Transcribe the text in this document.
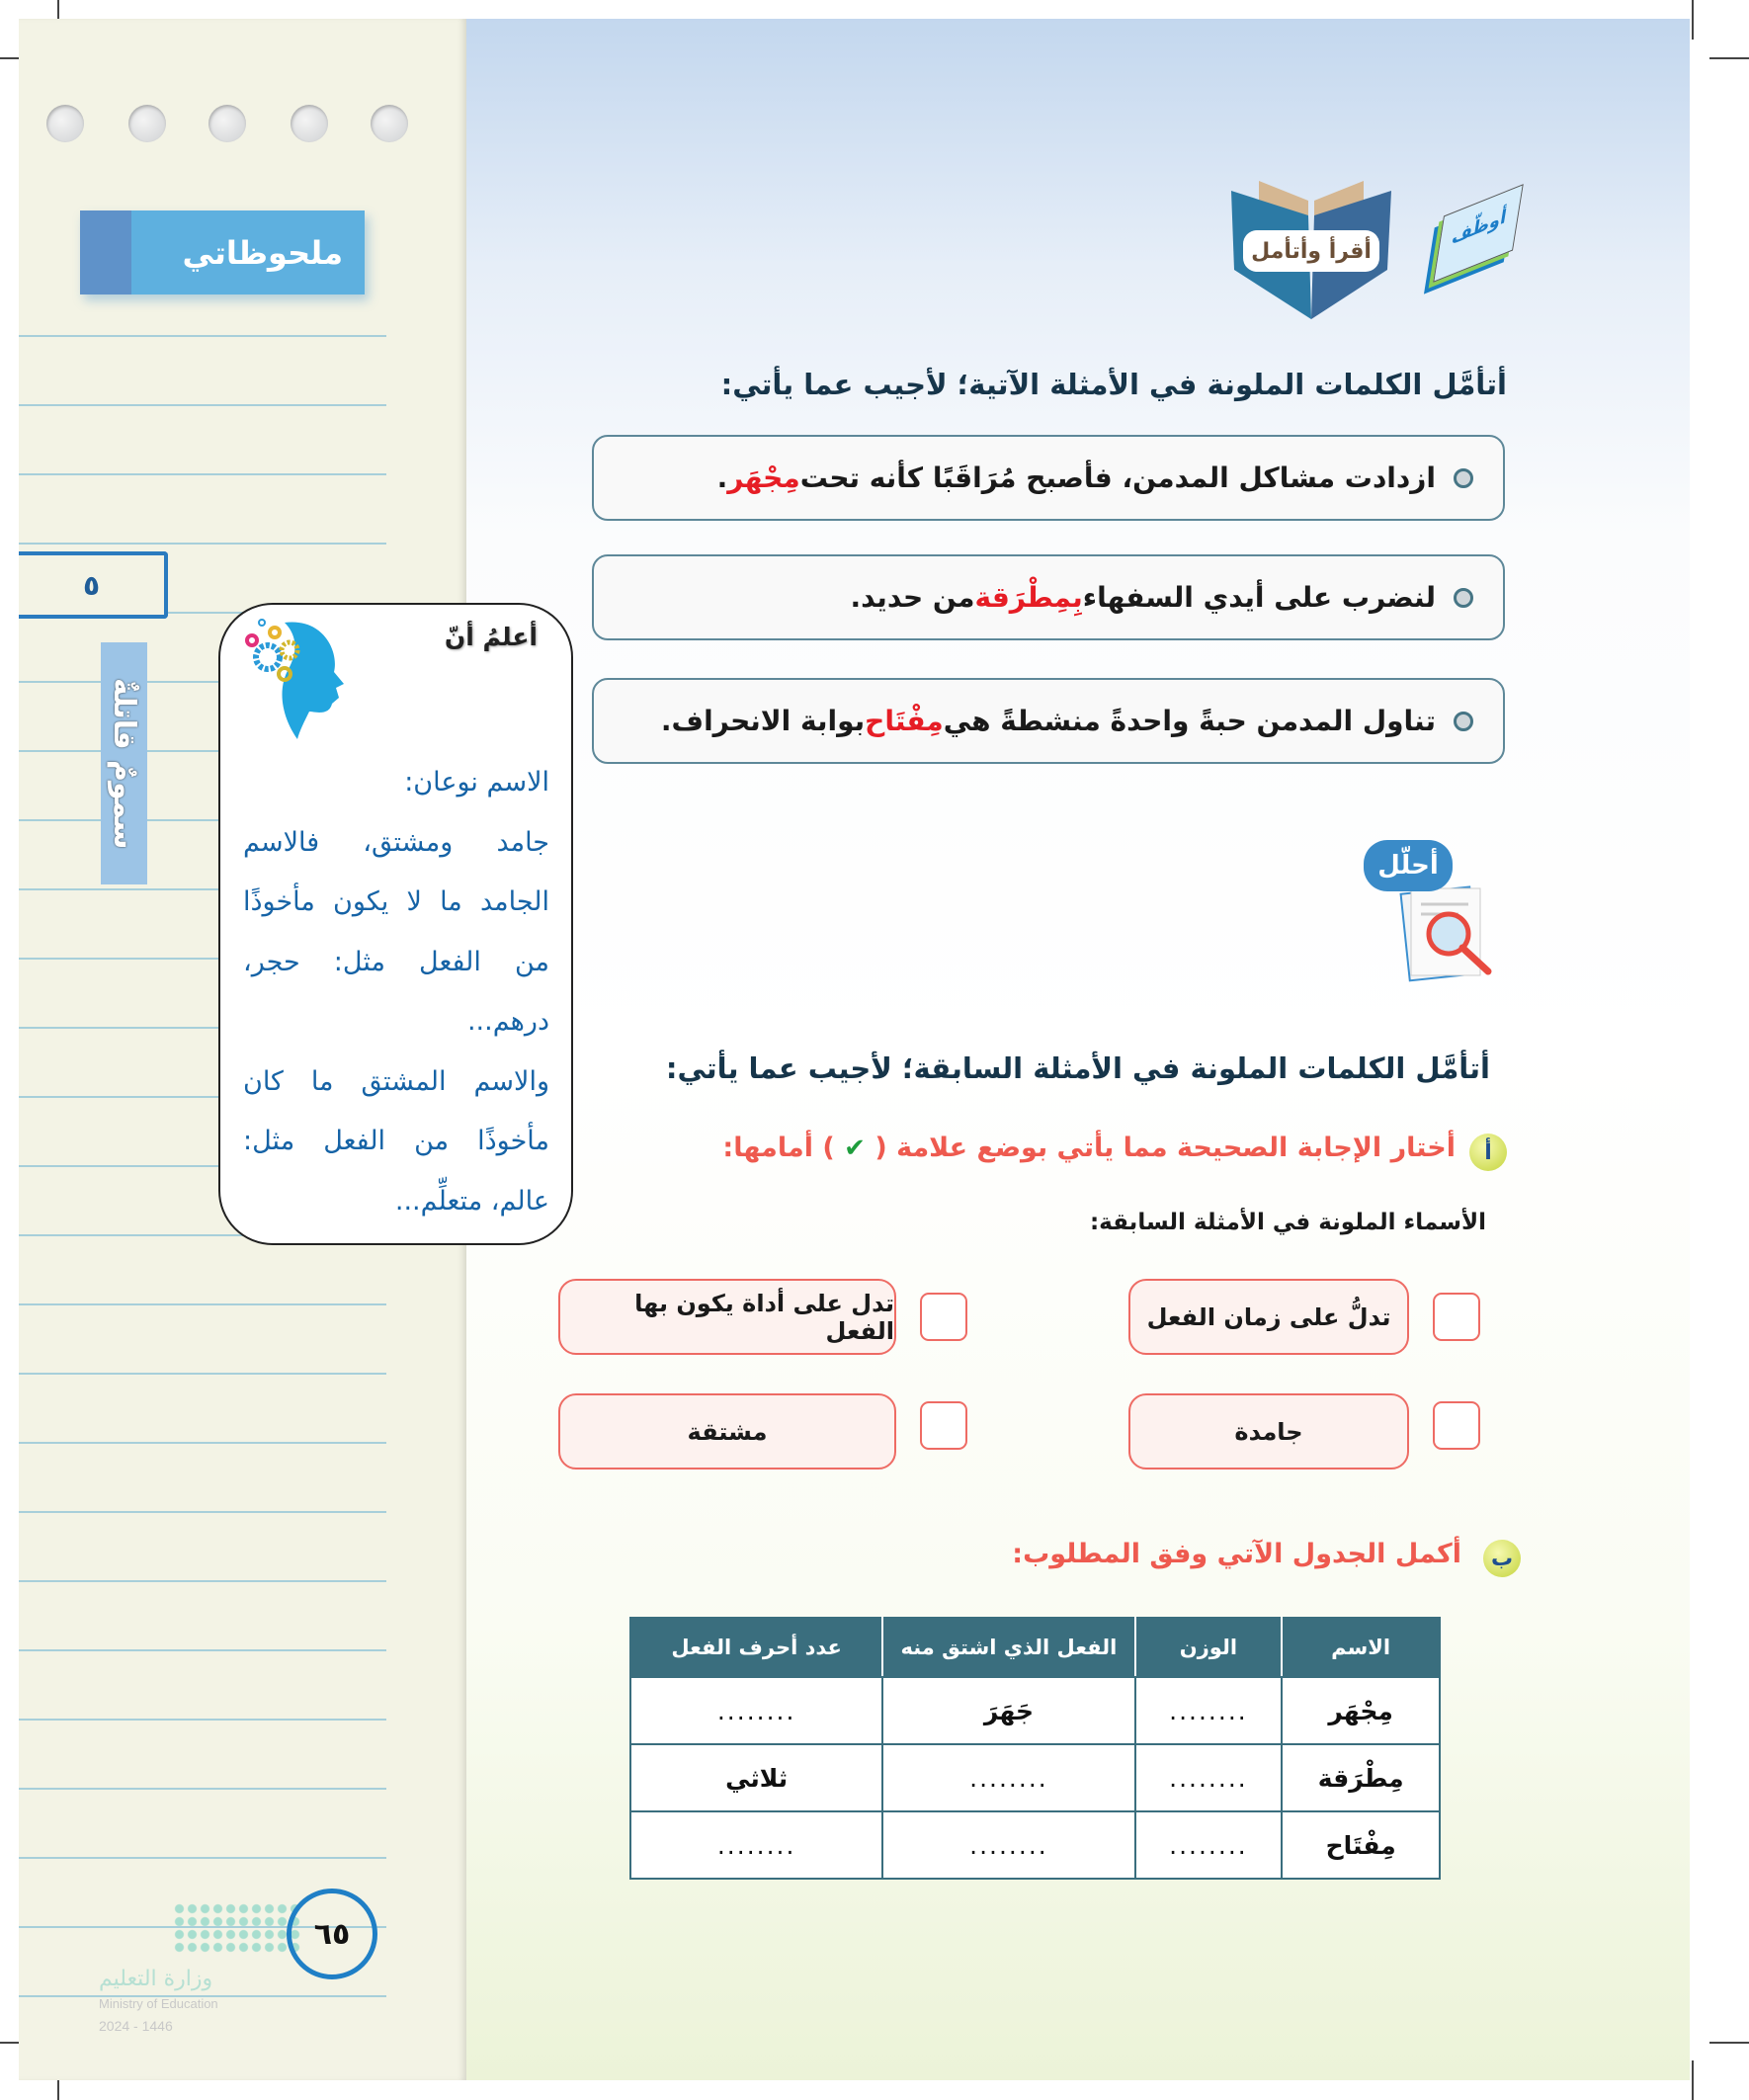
ملحوظاتي
٥
سمومٌ قاتلةٌ
٦٥
وزارة التعليم
Ministry of Education
2024 - 1446
أعلمُ أنّ
الاسم نوعان:
جامد ومشتق، فالاسم الجامد ما لا يكون مأخوذًا من الفعل مثل: حجر، درهم...
والاسم المشتق ما كان مأخوذًا من الفعل مثل: عالم، متعلِّم...
أقرأ وأتأمل
أوظّف
أتأمَّل الكلمات الملونة في الأمثلة الآتية؛ لأجيب عما يأتي:
ازدادت مشاكل المدمن، فأصبح مُرَاقَبًا كأنه تحت
مِجْهَر
.
لنضرب على أيدي السفهاء
بِمِطْرَقة
من حديد.
تناول المدمن حبةً واحدةً منشطةً هي
مِفْتَاح
بوابة الانحراف.
أحلّل
أتأمَّل الكلمات الملونة في الأمثلة السابقة؛ لأجيب عما يأتي:
أ
أختار الإجابة الصحيحة مما يأتي بوضع علامة ( ✔ ) أمامها:
الأسماء الملونة في الأمثلة السابقة:
تدلُّ على زمان الفعل
تدل على أداة يكون بها الفعل
جامدة
مشتقة
ب
أكمل الجدول الآتي وفق المطلوب:
الاسم	الوزن	الفعل الذي اشتق منه	عدد أحرف الفعل
مِجْهَر	........	جَهَرَ	........
مِطْرَقة	........	........	ثلاثي
مِفْتَاح	........	........	........
